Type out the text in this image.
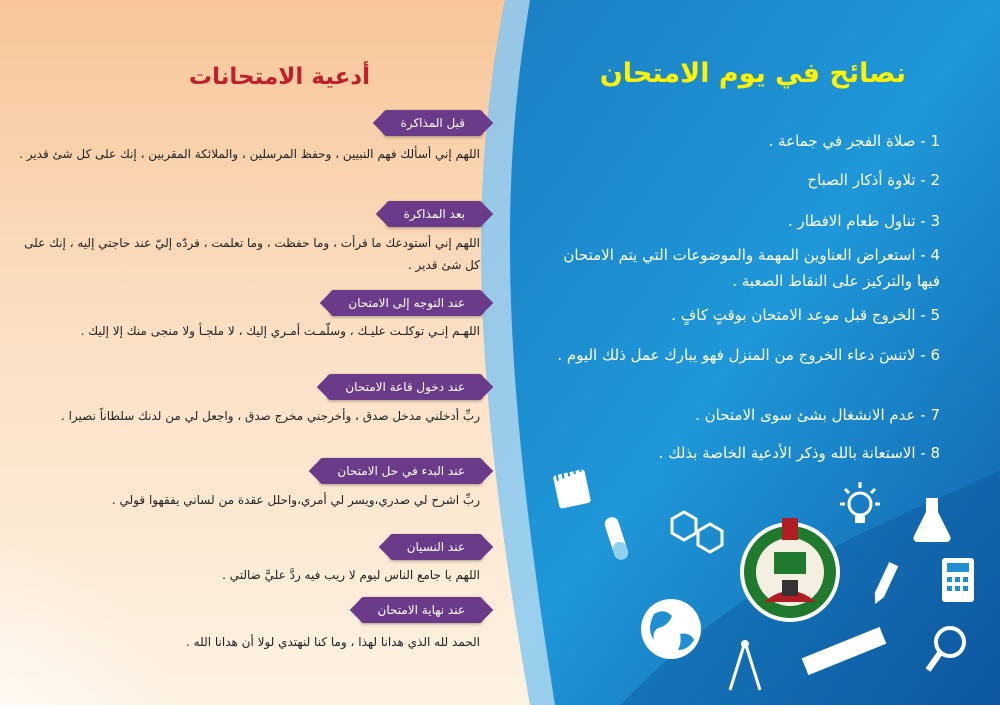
نصائح في يوم الامتحان
أدعية الامتحانات
1 - صلاة الفجر في جماعة .
2 - تلاوة أذكار الصباح
3 - تناول طعام الافطار .
4 - استعراض العناوين المهمة والموضوعات التي يتم الامتحان فيها والتركيز على النقاط الصعبة .
5 - الخروج قبل موعد الامتحان بوقتٍ كافٍ .
6 - لاتنسَ دعاء الخروج من المنزل فهو يبارك عمل ذلك اليوم .
7 - عدم الانشغال بشئ سوى الامتحان .
8 - الاستعانة بالله وذكر الأدعية الخاصة بذلك .
قبل المذاكرة
اللهم إني أسألك فهم النبيين ، وحفظ المرسلين ، والملائكة المقربين ، إنك على كل شئ قدير .
بعد المذاكرة
اللهم إني أستودعك ما قرأت ، وما حفظت ، وما تعلمت ، فردّه إليّ عند حاجتي إليه ، إنك على كل شئ قدير .
عند التوجه إلى الامتحان
اللهـم إنـي توكلـت عليـك ، وسلّمـت أمـري إليك ، لا ملجـأ ولا منجى منك إلا إليك .
عند دخول قاعة الامتحان
ربِّ أدخلني مدخل صدق ، وأخرجني مخرج صدق ، واجعل لي من لدنك سلطاناً نصيرا .
عند البدء في حل الامتحان
ربِّ اشرح لي صدري،ويسر لي أمري،واحلل عقدة من لساني يفقهوا قولي .
عند النسيان
اللهم يا جامع الناس ليوم لا ريب فيه ردَّ عليَّ ضالتي .
عند نهاية الامتحان
الحمد لله الذي هدانا لهذا ، وما كنا لنهتدي لولا أن هدانا الله .
